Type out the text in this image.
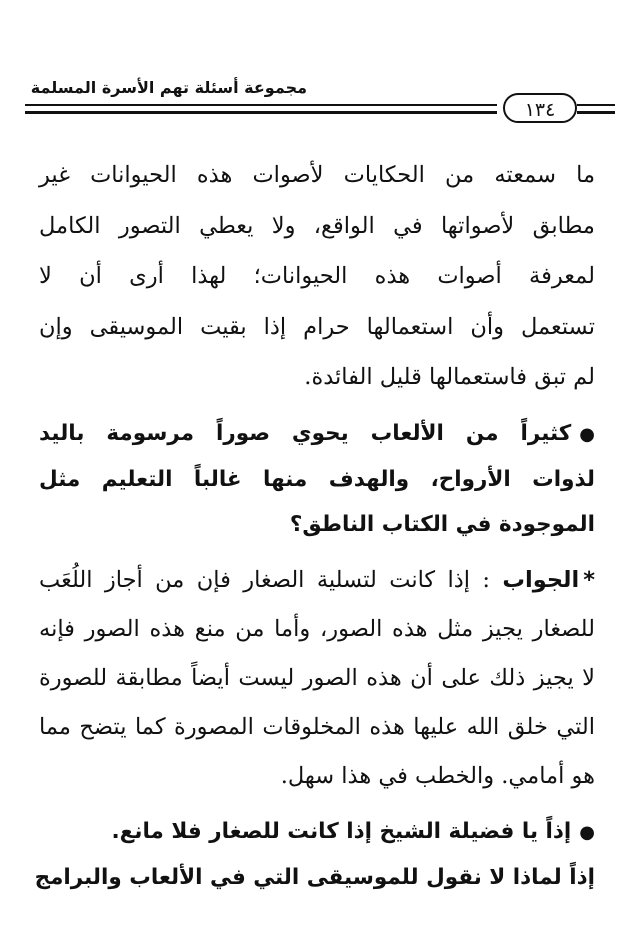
مجموعة أسئلة تهم الأسرة المسلمة
١٣٤

ما سمعته من الحكايات لأصوات هذه الحيوانات غير
مطابق لأصواتها في الواقع، ولا يعطي التصور الكامل
لمعرفة أصوات هذه الحيوانات؛ لهذا أرى أن لا
تستعمل وأن استعمالها حرام إذا بقيت الموسيقى وإن
لم تبق فاستعمالها قليل الفائدة.

●كثيراً من الألعاب يحوي صوراً مرسومة باليد
لذوات الأرواح، والهدف منها غالباً التعليم مثل
الموجودة في الكتاب الناطق؟

*الجواب : إذا كانت لتسلية الصغار فإن من أجاز اللُعَب
للصغار يجيز مثل هذه الصور، وأما من منع هذه الصور فإنه
لا يجيز ذلك على أن هذه الصور ليست أيضاً مطابقة للصورة
التي خلق الله عليها هذه المخلوقات المصورة كما يتضح مما
هو أمامي. والخطب في هذا سهل.

●إذاً يا فضيلة الشيخ إذا كانت للصغار فلا مانع.
إذاً لماذا لا نقول للموسيقى التي في الألعاب والبرامج
